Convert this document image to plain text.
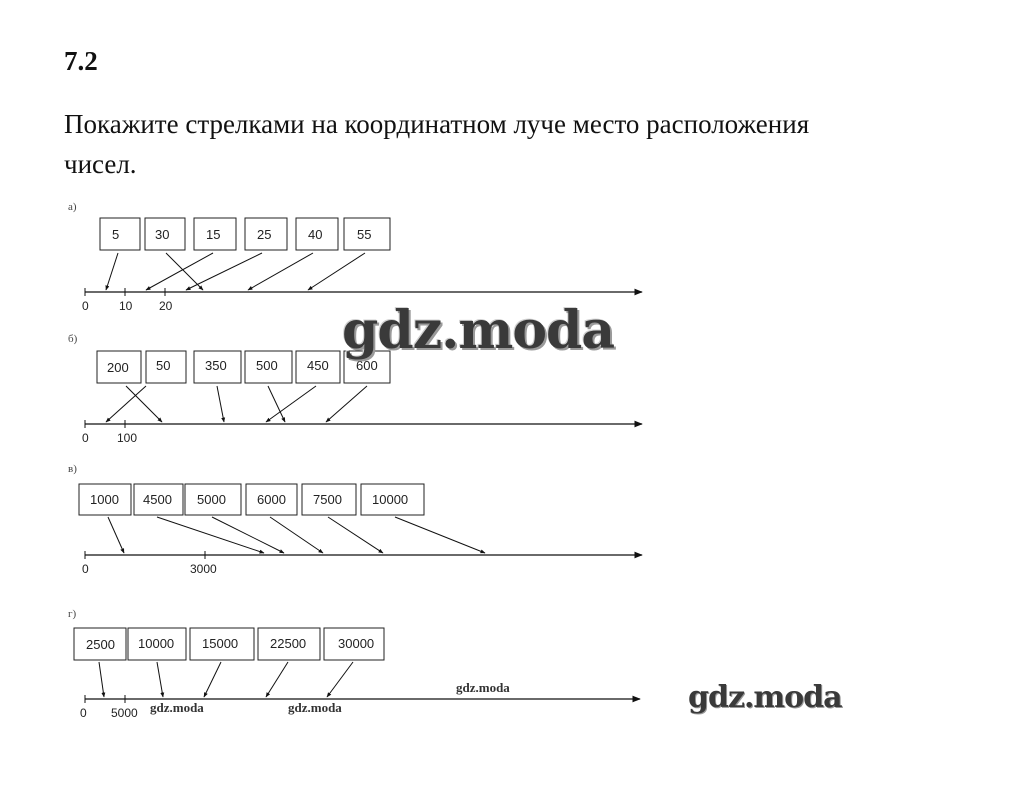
7.2
Покажите стрелками на координатном луче место расположения чисел.
а)
5	30	15	25	40	55
0	10 20
б)
200 50	350 500 450 600
0 100
в)
1000 4500 5000 6000 7500 10000
0	3000
г)
2500 10000 15000 22500 30000
0 5000
gdz.moda
gdz.moda
gdz.moda
gdz.moda	gdz.moda
